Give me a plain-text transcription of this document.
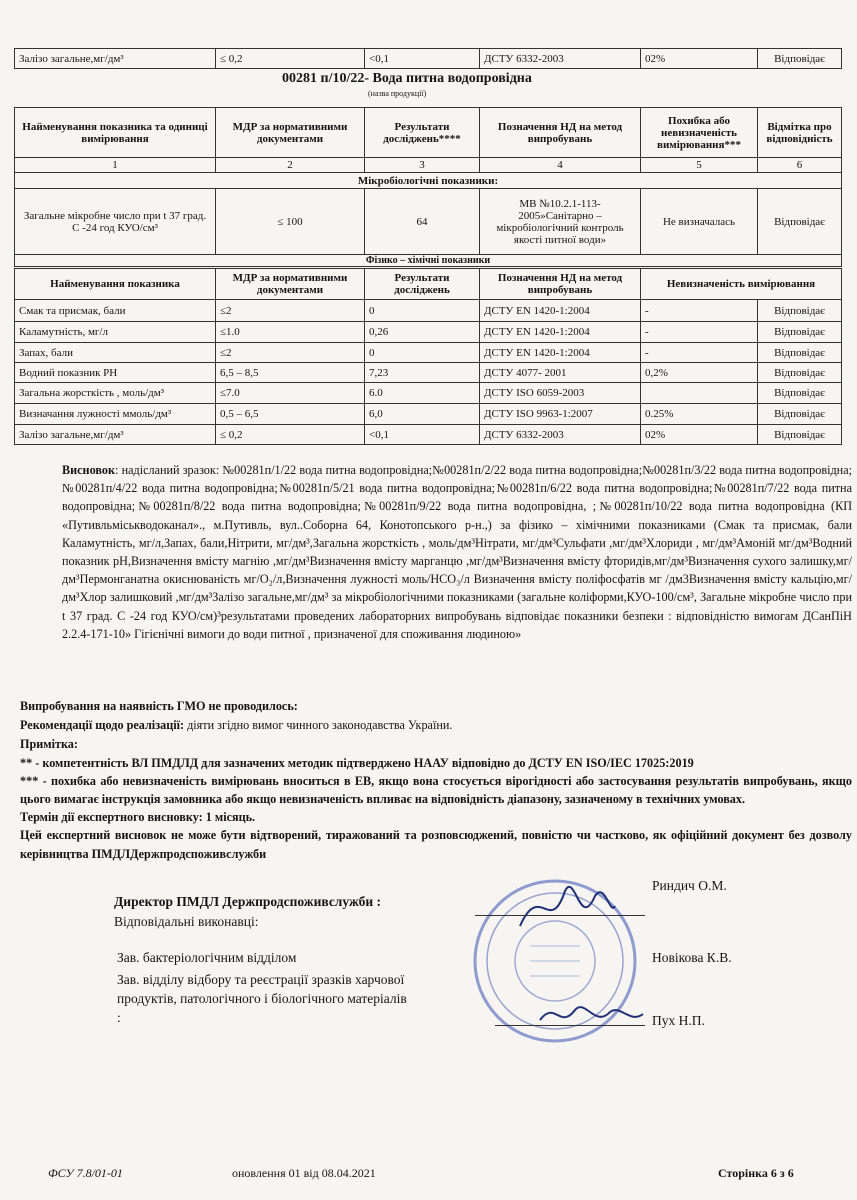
Залізо загальне,мг/дм³	≤ 0,2	<0,1	ДСТУ 6332-2003	02%	Відповідає
00281 п/10/22- Вода питна водопровідна
(назва продукції)
Найменування показника та одиниці вимірювання	МДР за нормативними документами	Результати досліджень****	Позначення НД на метод випробувань	Похибка або невизначеність вимірювання***	Відмітка про відповідність
1	2	3	4	5	6
Мікробіологічні показники:					
Загальне мікробне число при t 37 град. С -24 год КУО/см³	≤ 100	64	МВ №10.2.1-113-2005»Санітарно – мікробіологічний контроль якості питної води»	Не визначалась	Відповідає
Фізико – хімічні показники					
Найменування показника	МДР за нормативними документами	Результати досліджень	Позначення НД на метод випробувань	Невизначеність вимірювання	
Смак та присмак, бали	≤2	0	ДСТУ EN 1420-1:2004	-	Відповідає
Каламутність, мг/л	≤1.0	0,26	ДСТУ EN 1420-1:2004	-	Відповідає
Запах, бали	≤2	0	ДСТУ EN 1420-1:2004	-	Відповідає
Водний показник РН	6,5 – 8,5	7,23	ДСТУ 4077- 2001	0,2%	Відповідає
Загальна жорсткість , моль/дм³	≤7.0	6.0	ДСТУ ISO 6059-2003		Відповідає
Визначання лужності ммоль/дм³	0,5 – 6,5	6,0	ДСТУ ISO 9963-1:2007	0.25%	Відповідає
Залізо загальне,мг/дм³	≤ 0,2	<0,1	ДСТУ 6332-2003	02%	Відповідає
Висновок: надісланий зразок: №00281п/1/22 вода питна водопровідна;№00281п/2/22 вода питна водопровідна;№00281п/3/22 вода питна водопровідна;№00281п/4/22 вода питна водопровідна;№00281п/5/21 вода питна водопровідна;№00281п/6/22 вода питна водопровідна;№00281п/7/22 вода питна водопровідна;№00281п/8/22 вода питна водопровідна;№00281п/9/22 вода питна водопровідна, ;№00281п/10/22 вода питна водопровідна (КП «Путивльміськводоканал»., м.Путивль, вул..Соборна 64, Конотопського р-н.,) за фізико – хімічними показниками (Смак та присмак, бали Каламутність, мг/л,Запах, бали,Нітрити, мг/дм³,Загальна жорсткість , моль/дм³Нітрати, мг/дм³Сульфати ,мг/дм³Хлориди , мг/дм³Амоній мг/дм³Водний показник рН,Визначення вмісту магнію ,мг/дм³Визначення вмісту марганцю ,мг/дм³Визначення вмісту фторидів,мг/дм³Визначення сухого залишку,мг/дм³Пермонганатна окиснюваність мг/О₂/л,Визначення лужності моль/НСО₃/л Визначення вмісту поліфосфатів мг /дм3Визначення вмісту кальцію,мг/дм³Хлор залишковий ,мг/дм³Залізо загальне,мг/дм³ за мікробіологічними показниками (загальне коліформи,КУО-100/см³, Загальне мікробне число при t 37 град. С -24 год КУО/см)³результатами проведених лабораторних випробувань відповідає показники безпеки : відповідністю вимогам ДСанПіН 2.2.4-171-10» Гігієнічні вимоги до води питної , призначеної для споживання людиною»
Випробування на наявність ГМО не проводилось:
Рекомендації щодо реалізації: діяти згідно вимог чинного законодавства України.
Примітка:
** - компетентність ВЛ ПМДЛД для зазначених методик підтверджено НААУ відповідно до ДСТУ EN ISO/IEC 17025:2019
*** - похибка або невизначеність вимірювань вноситься в ЕВ, якщо вона стосується вірогідності або застосування результатів випробувань, якщо цього вимагає інструкція замовника або якщо невизначеність впливає на відповідність діапазону, зазначеному в технічних умовах.
Термін дії експертного висновку: 1 місяць.
Цей експертний висновок не може бути відтворений, тиражований та розповсюджений, повністю чи частково, як офіційний документ без дозволу керівництва ПМДЛДержпродспоживслужби
Директор ПМДЛ Держпродспоживслужби :
Відповідальні виконавці:
Зав. бактеріологічним відділом
Зав. відділу відбору та реєстрації зразків харчової
продуктів, патологічного і біологічного матеріалів
:
Риндич О.М.
Новікова К.В.
Пух Н.П.
ФСУ 7.8/01-01	оновлення 01 від 08.04.2021	Сторінка 6 з 6
